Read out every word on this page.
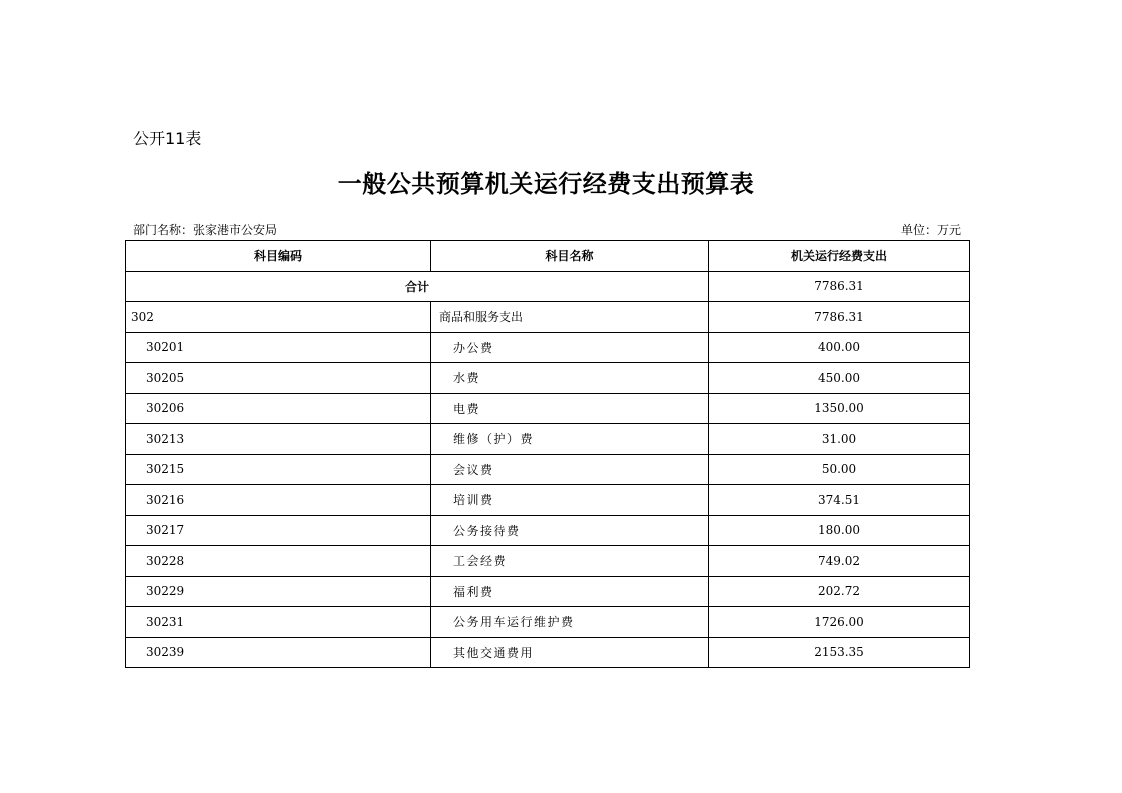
公开11表
一般公共预算机关运行经费支出预算表
部门名称：张家港市公安局	单位：万元
科目编码	科目名称	机关运行经费支出
合计		7786.31
302	商品和服务支出	7786.31
30201	办公费	400.00
30205	水费	450.00
30206	电费	1350.00
30213	维修（护）费	31.00
30215	会议费	50.00
30216	培训费	374.51
30217	公务接待费	180.00
30228	工会经费	749.02
30229	福利费	202.72
30231	公务用车运行维护费	1726.00
30239	其他交通费用	2153.35
